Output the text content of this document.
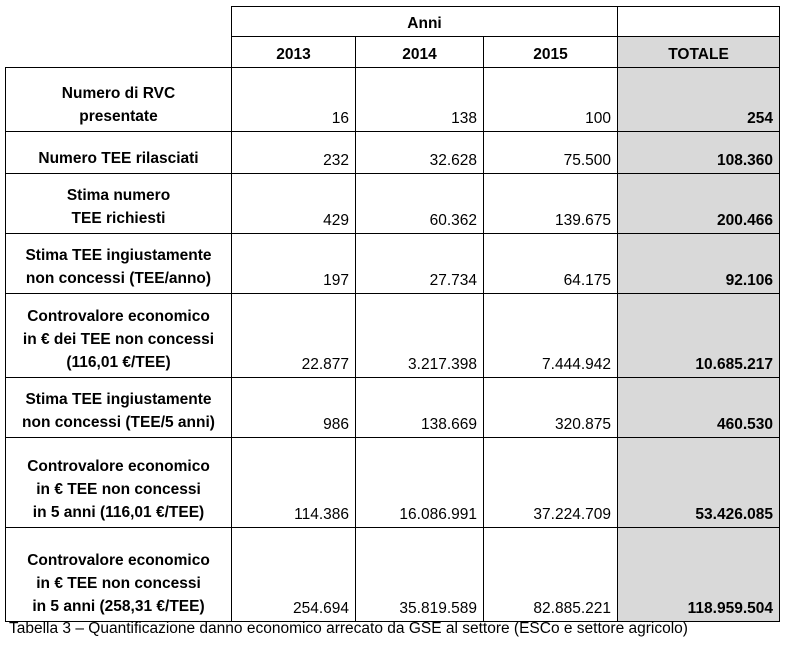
	Anni			
	2013	2014	2015	TOTALE

Numero di RVC
presentate	16	138	100	254

Numero TEE rilasciati	232	32.628	75.500	108.360

Stima numero
TEE richiesti	429	60.362	139.675	200.466

Stima TEE ingiustamente
non concessi (TEE/anno)	197	27.734	64.175	92.106

Controvalore economico
in € dei TEE non concessi
(116,01 €/TEE)	22.877	3.217.398	7.444.942	10.685.217

Stima TEE ingiustamente
non concessi (TEE/5 anni)	986	138.669	320.875	460.530

Controvalore economico
in € TEE non concessi
in 5 anni (116,01 €/TEE)	114.386	16.086.991	37.224.709	53.426.085

Controvalore economico
in € TEE non concessi
in 5 anni (258,31 €/TEE)	254.694	35.819.589	82.885.221	118.959.504
Tabella 3 – Quantificazione danno economico arrecato da GSE al settore (ESCo e settore agricolo)
